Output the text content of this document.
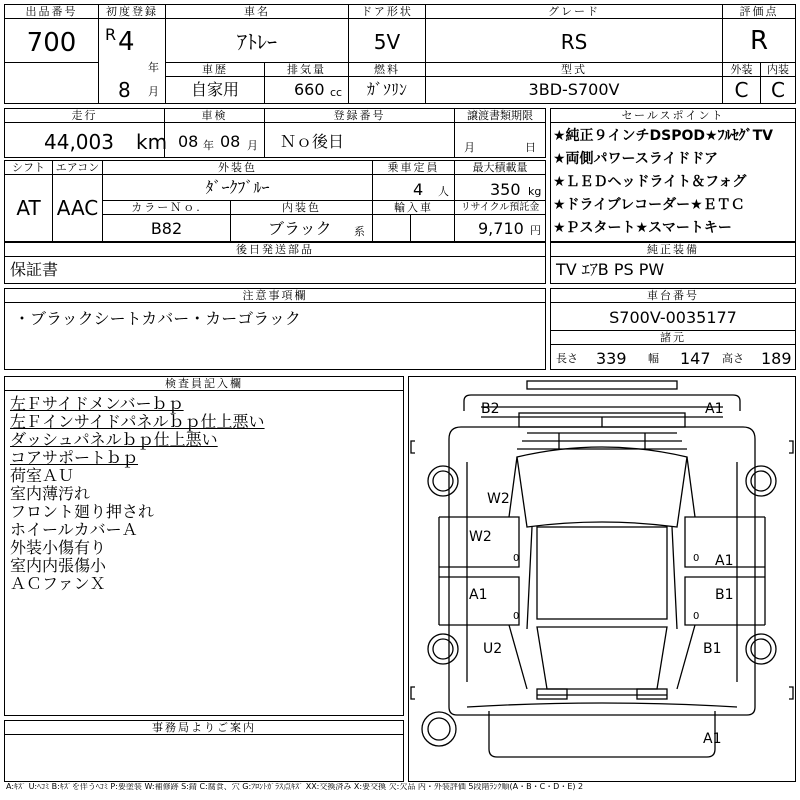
出品番号
700
初度登録
R 4
年
8 月
車名
ｱﾄﾚｰ
ドア形状
5V
グレード
RS
評価点
R
車歴
自家用
排気量
660 cc
燃料
ｶﾞｿﾘﾝ
型式
3BD-S700V
外装
C
内装
C
走行
44,003 km
車検
08 年 08 月
登録番号
Ｎｏ後日
譲渡書類期限
月	日
シフト
AT
エアコン
AAC
外装色
ﾀﾞｰｸﾌﾞﾙｰ
乗車定員
4 人
最大積載量
350 kg
カラーＮｏ.
B82
内装色
ブラック 系
輸入車	リサイクル預託金
9,710 円
セールスポイント
★純正９インチDSPOD★ﾌﾙｾｸﾞTV
★両側パワースライドドア
★ＬＥＤヘッドライト＆フォグ
★ドライブレコーダー★ＥＴＣ
★Ｐスタート★スマートキー
後日発送部品
保証書
純正装備
TV ｴｱB PS PW
注意事項欄
・ブラックシートカバー・カーゴラック
車台番号
S700V-0035177
諸元
長さ 339 幅 147 高さ 189
検査員記入欄
左Ｆサイドメンバーｂｐ
左Ｆインサイドパネルｂｐ仕上悪い
ダッシュパネルｂｐ仕上悪い
コアサポートｂｐ
荷室ＡＵ
室内薄汚れ
フロント廻り押され
ホイールカバーＡ
外装小傷有り
室内内張傷小
ＡＣファンＸ
事務局よりご案内
B2	A1
W2
W2
A1
A1	B1
U2	B1
A1
0	0
0	0
A:ｷｽﾞ U:ﾍｺﾐ B:ｷｽﾞを伴うﾍｺﾐ P:要塗装 W:補修跡 S:錆 C:腐食、穴 G:ﾌﾛﾝﾄｶﾞﾗｽ点ｷｽﾞ XX:交換済み X:要交換 欠:欠品 内・外装評価 5段階ﾗﾝｸ順(A・B・C・D・E) 2
